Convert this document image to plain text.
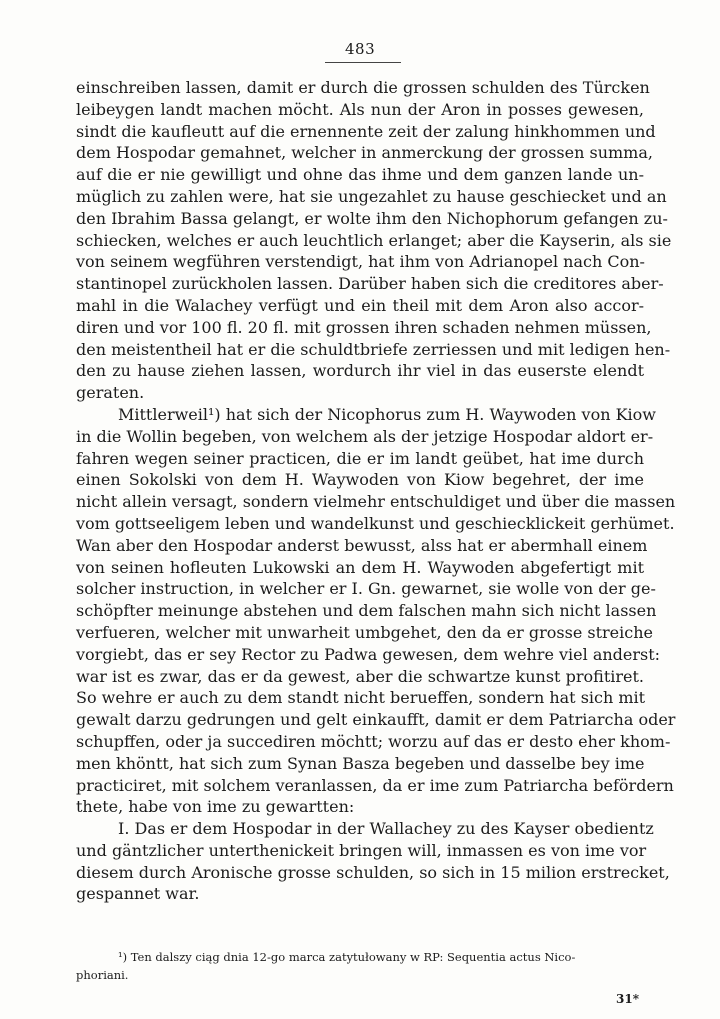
483
einschreiben lassen, damit er durch die grossen schulden des Türcken
leibeygen landt machen möcht. Als nun der Aron in posses gewesen,
sindt die kaufleutt auf die ernennente zeit der zalung hinkhommen und
dem Hospodar gemahnet, welcher in anmerckung der grossen summa,
auf die er nie gewilligt und ohne das ihme und dem ganzen lande un-
müglich zu zahlen were, hat sie ungezahlet zu hause geschiecket und an
den Ibrahim Bassa gelangt, er wolte ihm den Nichophorum gefangen zu-
schiecken, welches er auch leuchtlich erlanget; aber die Kayserin, als sie
von seinem wegführen verstendigt, hat ihm von Adrianopel nach Con-
stantinopel zurückholen lassen. Darüber haben sich die creditores aber-
mahl in die Walachey verfügt und ein theil mit dem Aron also accor-
diren und vor 100 fl. 20 fl. mit grossen ihren schaden nehmen müssen,
den meistentheil hat er die schuldtbriefe zerriessen und mit ledigen hen-
den zu hause ziehen lassen, wordurch ihr viel in das euserste elendt
geraten.
Mittlerweil¹) hat sich der Nicophorus zum H. Waywoden von Kiow
in die Wollin begeben, von welchem als der jetzige Hospodar aldort er-
fahren wegen seiner practicen, die er im landt geübet, hat ime durch
einen Sokolski von dem H. Waywoden von Kiow begehret, der ime
nicht allein versagt, sondern vielmehr entschuldiget und über die massen
vom gottseeligem leben und wandelkunst und geschiecklickeit gerhümet.
Wan aber den Hospodar anderst bewusst, alss hat er abermhall einem
von seinen hofleuten Lukowski an dem H. Waywoden abgefertigt mit
solcher instruction, in welcher er I. Gn. gewarnet, sie wolle von der ge-
schöpfter meinunge abstehen und dem falschen mahn sich nicht lassen
verfueren, welcher mit unwarheit umbgehet, den da er grosse streiche
vorgiebt, das er sey Rector zu Padwa gewesen, dem wehre viel anderst:
war ist es zwar, das er da gewest, aber die schwartze kunst profitiret.
So wehre er auch zu dem standt nicht berueffen, sondern hat sich mit
gewalt darzu gedrungen und gelt einkaufft, damit er dem Patriarcha oder
schupffen, oder ja succediren möchtt; worzu auf das er desto eher khom-
men khöntt, hat sich zum Synan Basza begeben und dasselbe bey ime
practiciret, mit solchem veranlassen, da er ime zum Patriarcha befördern
thete, habe von ime zu gewartten:
I. Das er dem Hospodar in der Wallachey zu des Kayser obedientz
und gäntzlicher unterthenickeit bringen will, inmassen es von ime vor
diesem durch Aronische grosse schulden, so sich in 15 milion erstrecket,
gespannet war.
¹) Ten dalszy ciąg dnia 12-go marca zatytułowany w RP: Sequentia actus Nico-
phoriani.
31*
